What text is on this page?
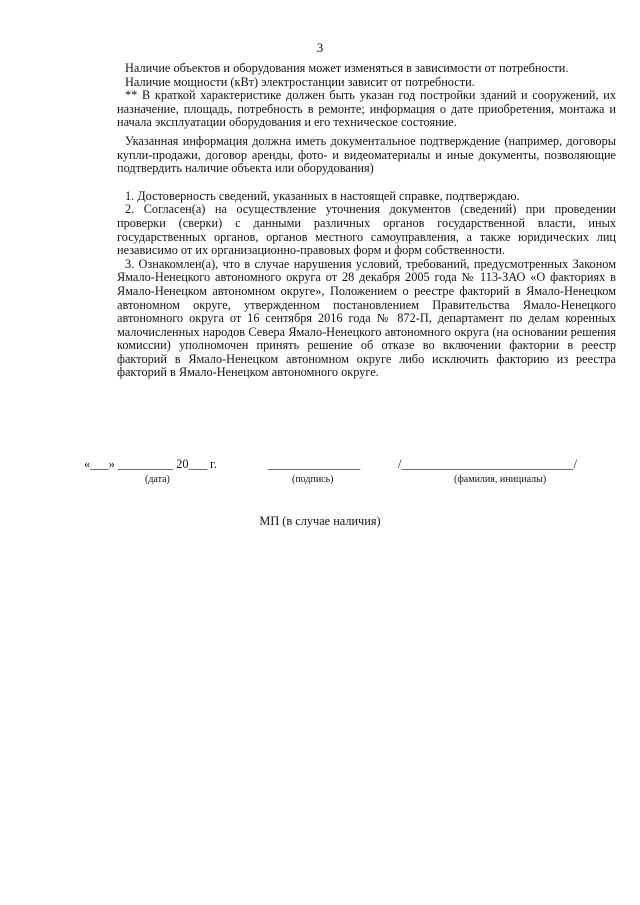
3

Наличие объектов и оборудования может изменяться в зависимости от потребности.

Наличие мощности (кВт) электростанции зависит от потребности.

** В краткой характеристике должен быть указан год постройки зданий и сооружений, их назначение, площадь, потребность в ремонте; информация о дате приобретения, монтажа и начала эксплуатации оборудования и его техническое состояние.

Указанная информация должна иметь документальное подтверждение (например, договоры купли-продажи, договор аренды, фото- и видеоматериалы и иные документы, позволяющие подтвердить наличие объекта или оборудования)

1. Достоверность сведений, указанных в настоящей справке, подтверждаю.

2. Согласен(а) на осуществление уточнения документов (сведений) при проведении проверки (сверки) с данными различных органов государственной власти, иных государственных органов, органов местного самоуправления, а также юридических лиц независимо от их организационно-правовых форм и форм собственности.

3. Ознакомлен(а), что в случае нарушения условий, требований, предусмотренных Законом Ямало-Ненецкого автономного округа от 28 декабря 2005 года № 113-ЗАО «О факториях в Ямало-Ненецком автономном округе», Положением о реестре факторий в Ямало-Ненецком автономном округе, утвержденном постановлением Правительства Ямало-Ненецкого автономного округа от 16 сентября 2016 года № 872-П, департамент по делам коренных малочисленных народов Севера Ямало-Ненецкого автономного округа (на основании решения комиссии) уполномочен принять решение об отказе во включении фактории в реестр факторий в Ямало-Ненецком автономном округе либо исключить факторию из реестра факторий в Ямало-Ненецком автономного округе.

«___» _________ 20___ г.
(дата)
_______________
(подпись)
/____________________________/
(фамилия, инициалы)
МП (в случае наличия)
